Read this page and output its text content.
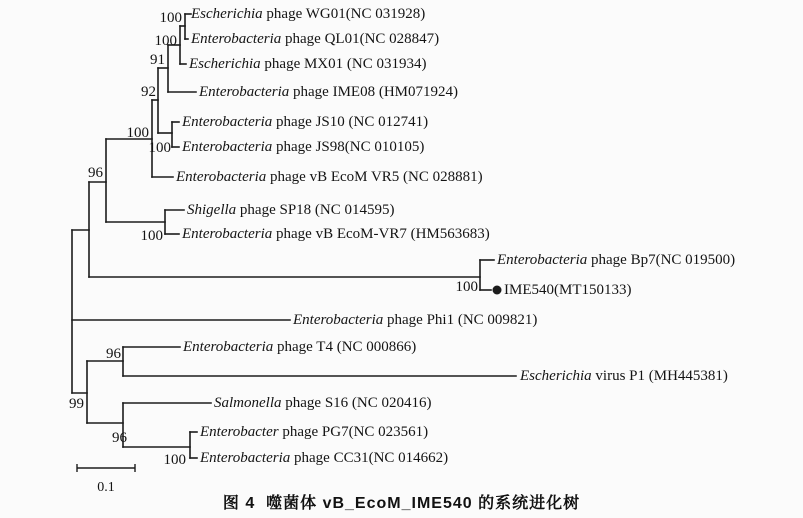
Escherichia phage WG01(NC 031928)
Enterobacteria phage QL01(NC 028847)
Escherichia phage MX01 (NC 031934)
Enterobacteria phage IME08 (HM071924)
Enterobacteria phage JS10 (NC 012741)
Enterobacteria phage JS98(NC 010105)
Enterobacteria phage vB EcoM VR5 (NC 028881)
Shigella phage SP18 (NC 014595)
Enterobacteria phage vB EcoM-VR7 (HM563683)
Enterobacteria phage Bp7(NC 019500)
IME540(MT150133)
Enterobacteria phage Phi1 (NC 009821)
Enterobacteria phage T4 (NC 000866)
Escherichia virus P1 (MH445381)
Salmonella phage S16 (NC 020416)
Enterobacter phage PG7(NC 023561)
Enterobacteria phage CC31(NC 014662)
100
100
91
92
100
100
96
100
100
96
99
96
100
0.1
图 4  噬菌体 vB_EcoM_IME540 的系统进化树
